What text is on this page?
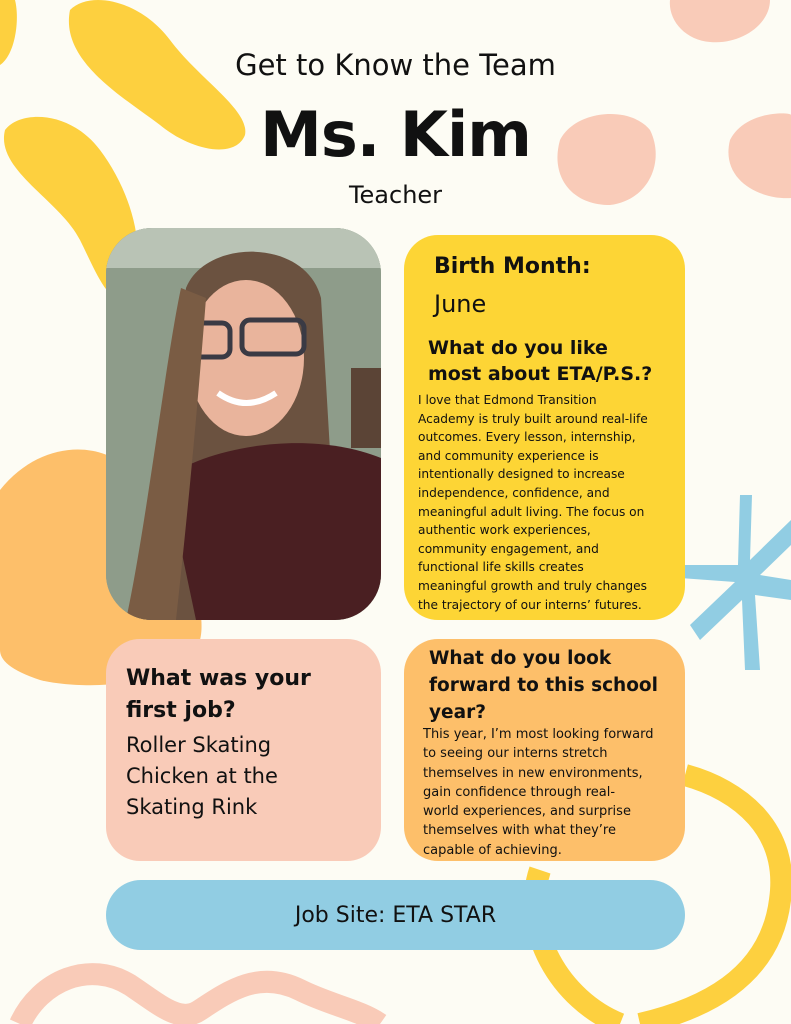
Get to Know the Team
Ms. Kim
Teacher
Birth Month:
June
What do you like
most about ETA/P.S.?
I love that Edmond Transition
Academy is truly built around real-life
outcomes. Every lesson, internship,
and community experience is
intentionally designed to increase
independence, confidence, and
meaningful adult living. The focus on
authentic work experiences,
community engagement, and
functional life skills creates
meaningful growth and truly changes
the trajectory of our interns’ futures.
What was your
first job?
Roller Skating
Chicken at the
Skating Rink
What do you look
forward to this school
year?
This year, I’m most looking forward
to seeing our interns stretch
themselves in new environments,
gain confidence through real-
world experiences, and surprise
themselves with what they’re
capable of achieving.
Job Site: ETA STAR
